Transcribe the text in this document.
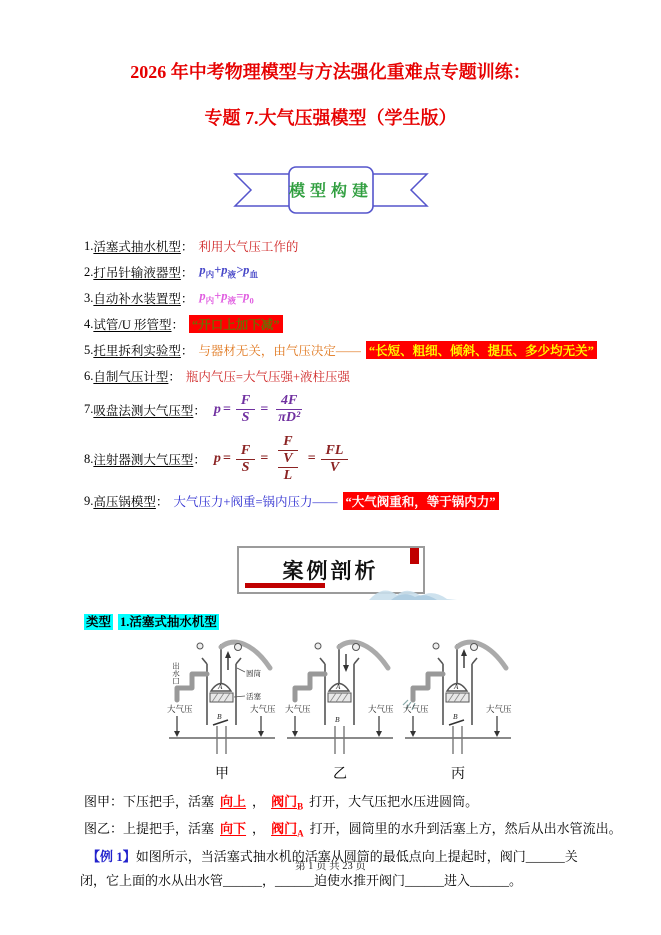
2026 年中考物理模型与方法强化重难点专题训练：
专题 7.大气压强模型（学生版）
模型构建
1. 活塞式抽水机型 ： 利用大气压工作的
2. 打吊针输液器型 ： $p_内+p_液>p_血$
3. 自动补水装置型 ： $p_内+p_液=p_0$
4. 试管/U 形管型 ： “开口上加下减”
5. 托里拆利实验型 ： 与器材无关，由气压决定—— “长短、粗细、倾斜、提压、多少均无关”
6. 自制气压计型 ： 瓶内气压=大气压强+液柱压强
7. 吸盘法测大气压型 ： $p = \frac{F}{S} = \frac{4F}{\text{πD²}}$
8. 注射器测大气压型 ： $p = \frac{F}{S} = \frac{F}{\frac{V}{L}} = \frac{FL}{V}$
9. 高压锅模型 ： 大气压力+阀重=锅内压力—— “大气阀重和，等于锅内力”
案例剖析
类型 1.活塞式抽水机型
A
B
出水口	圆筒
活塞
大气压	大气压
甲
A
B
大气压	大气压
乙
A
B
大气压	大气压
丙
图甲：下压把手，活塞 向上 ， 阀门$_B$ 打开，大气压把水压进圆筒。
图乙：上提把手，活塞 向下 ， 阀门$_A$ 打开，圆筒里的水升到活塞上方，然后从出水管流出。
【例 1】如图所示，当活塞式抽水机的活塞从圆筒的最低点向上提起时，阀门______关闭，它上面的水从出水管______，______迫使水推开阀门______进入______。
第 1 页 共 23 页
